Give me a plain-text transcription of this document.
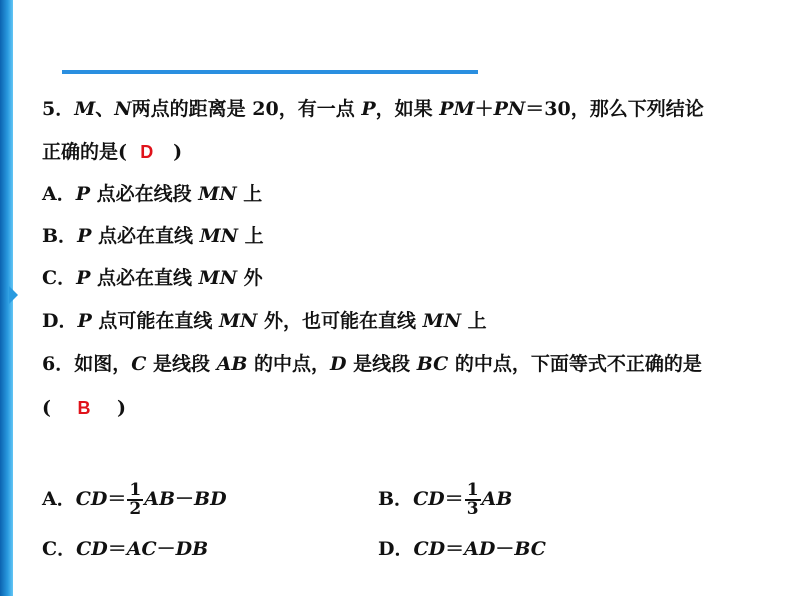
5．M、N两点的距离是 20，有一点 P，如果 PM＋PN＝30，那么下列结论
正确的是( D )
A．P 点必在线段 MN 上
B．P 点必在直线 MN 上
C．P 点必在直线 MN 外
D．P 点可能在直线 MN 外，也可能在直线 MN 上
6．如图，C 是线段 AB 的中点，D 是线段 BC 的中点，下面等式不正确的是
( B )
A．$CD= \frac{1}{2} AB-BD$	B．$CD= \frac{1}{3}$ AB
C．CD＝AC－DB	D．CD＝AD－BC
